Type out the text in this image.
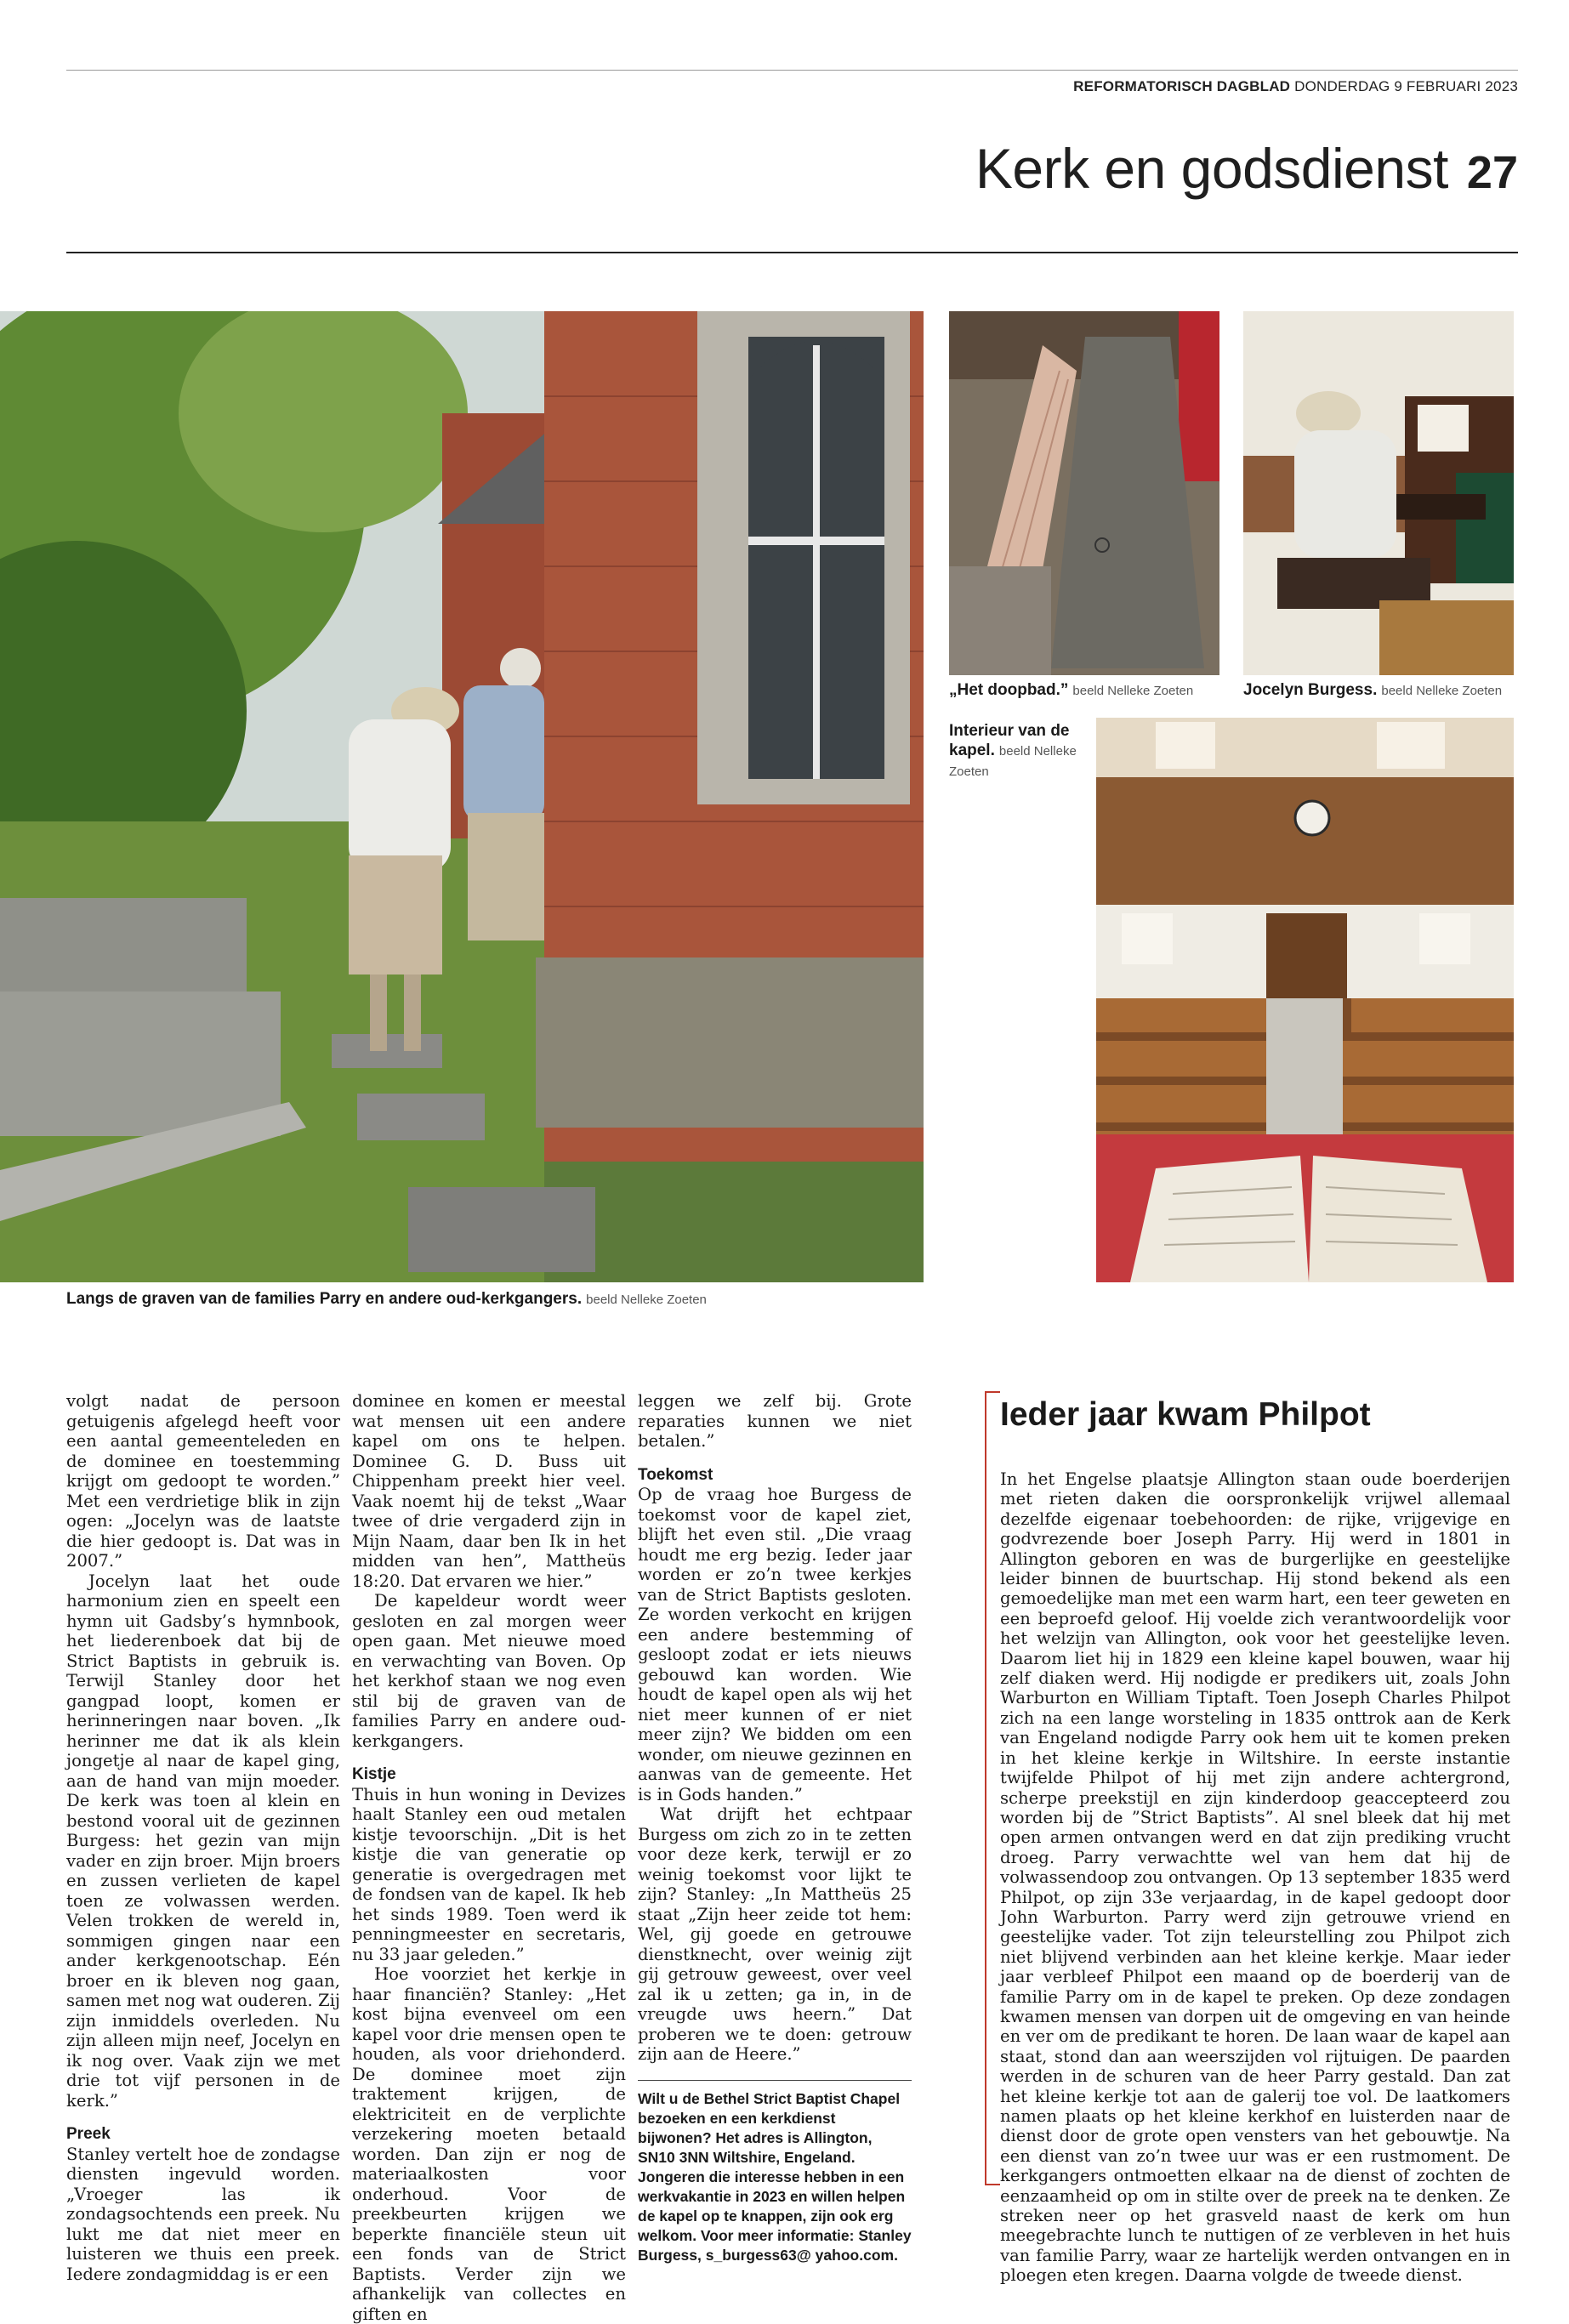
REFORMATORISCH DAGBLAD DONDERDAG 9 FEBRUARI 2023
Kerk en godsdienst 27
Langs de graven van de families Parry en andere oud-kerkgangers. beeld Nelleke Zoeten
„Het doopbad.” beeld Nelleke Zoeten	Jocelyn Burgess. beeld Nelleke Zoeten
Interieur van de kapel. beeld Nelleke Zoeten

volgt nadat de persoon getuigenis afgelegd heeft voor een aantal gemeenteleden en de dominee en toestemming krijgt om gedoopt te worden.” Met een verdrietige blik in zijn ogen: „Jocelyn was de laatste die hier gedoopt is. Dat was in 2007.”

Jocelyn laat het oude harmonium zien en speelt een hymn uit Gadsby’s hymnbook, het liederenboek dat bij de Strict Baptists in gebruik is. Terwijl Stanley door het gangpad loopt, komen er herinneringen naar boven. „Ik herinner me dat ik als klein jongetje al naar de kapel ging, aan de hand van mijn moeder. De kerk was toen al klein en bestond vooral uit de gezinnen Burgess: het gezin van mijn vader en zijn broer. Mijn broers en zussen verlieten de kapel toen ze volwassen werden. Velen trokken de wereld in, sommigen gingen naar een ander kerkgenootschap. Eén broer en ik bleven nog gaan, samen met nog wat ouderen. Zij zijn inmiddels overleden. Nu zijn alleen mijn neef, Jocelyn en ik nog over. Vaak zijn we met drie tot vijf personen in de kerk.”

Preek

Stanley vertelt hoe de zondagse diensten ingevuld worden. „Vroeger las ik zondagsochtends een preek. Nu lukt me dat niet meer en luisteren we thuis een preek. Iedere zondagmiddag is er een

dominee en komen er meestal wat mensen uit een andere kapel om ons te helpen. Dominee G. D. Buss uit Chippenham preekt hier veel. Vaak noemt hij de tekst „Waar twee of drie vergaderd zijn in Mijn Naam, daar ben Ik in het midden van hen”, Mattheüs 18:20. Dat ervaren we hier.”

De kapeldeur wordt weer gesloten en zal morgen weer open gaan. Met nieuwe moed en verwachting van Boven. Op het kerkhof staan we nog even stil bij de graven van de families Parry en andere oud-kerkgangers.

Kistje

Thuis in hun woning in Devizes haalt Stanley een oud metalen kistje tevoorschijn. „Dit is het kistje die van generatie op generatie is overgedragen met de fondsen van de kapel. Ik heb het sinds 1989. Toen werd ik penningmeester en secretaris, nu 33 jaar geleden.”

Hoe voorziet het kerkje in haar financiën? Stanley: „Het kost bijna evenveel om een kapel voor drie mensen open te houden, als voor driehonderd. De dominee moet zijn traktement krijgen, de elektriciteit en de verplichte verzekering moeten betaald worden. Dan zijn er nog de materiaalkosten voor onderhoud. Voor de preekbeurten krijgen we beperkte financiële steun uit een fonds van de Strict Baptists. Verder zijn we afhankelijk van collectes en giften en

leggen we zelf bij. Grote reparaties kunnen we niet betalen.”

Toekomst

Op de vraag hoe Burgess de toekomst voor de kapel ziet, blijft het even stil. „Die vraag houdt me erg bezig. Ieder jaar worden er zo’n twee kerkjes van de Strict Baptists gesloten. Ze worden verkocht en krijgen een andere bestemming of gesloopt zodat er iets nieuws gebouwd kan worden. Wie houdt de kapel open als wij het niet meer kunnen of er niet meer zijn? We bidden om een wonder, om nieuwe gezinnen en aanwas van de gemeente. Het is in Gods handen.”

Wat drijft het echtpaar Burgess om zich zo in te zetten voor deze kerk, terwijl er zo weinig toekomst voor lijkt te zijn? Stanley: „In Mattheüs 25 staat „Zijn heer zeide tot hem: Wel, gij goede en getrouwe dienstknecht, over weinig zijt gij getrouw geweest, over veel zal ik u zetten; ga in, in de vreugde uws heern.” Dat proberen we te doen: getrouw zijn aan de Heere.”

Wilt u de Bethel Strict Baptist Chapel bezoeken en een kerkdienst bijwonen? Het adres is Allington, SN10 3NN Wiltshire, Engeland. Jongeren die interesse hebben in een werkvakantie in 2023 en willen helpen de kapel op te knappen, zijn ook erg welkom. Voor meer informatie: Stanley Burgess, s_burgess63@ yahoo.com.
Ieder jaar kwam Philpot
In het Engelse plaatsje Allington staan oude boerderijen met rieten daken die oorspronkelijk vrijwel allemaal dezelfde eigenaar toebehoorden: de rijke, vrijgevige en godvrezende boer Joseph Parry. Hij werd in 1801 in Allington geboren en was de burgerlijke en geestelijke leider binnen de buurtschap. Hij stond bekend als een gemoedelijke man met een warm hart, een teer geweten en een beproefd geloof. Hij voelde zich verantwoordelijk voor het welzijn van Allington, ook voor het geestelijke leven. Daarom liet hij in 1829 een kleine kapel bouwen, waar hij zelf diaken werd. Hij nodigde er predikers uit, zoals John Warburton en William Tiptaft. Toen Joseph Charles Philpot zich na een lange worsteling in 1835 onttrok aan de Kerk van Engeland nodigde Parry ook hem uit te komen preken in het kleine kerkje in Wiltshire. In eerste instantie twijfelde Philpot of hij met zijn andere achtergrond, scherpe preekstijl en zijn kinderdoop geaccepteerd zou worden bij de ”Strict Baptists”. Al snel bleek dat hij met open armen ontvangen werd en dat zijn prediking vrucht droeg. Parry verwachtte wel van hem dat hij de volwassendoop zou ontvangen. Op 13 september 1835 werd Philpot, op zijn 33e verjaardag, in de kapel gedoopt door John Warburton. Parry werd zijn getrouwe vriend en geestelijke vader. Tot zijn teleurstelling zou Philpot zich niet blijvend verbinden aan het kleine kerkje. Maar ieder jaar verbleef Philpot een maand op de boerderij van de familie Parry om in de kapel te preken. Op deze zondagen kwamen mensen van dorpen uit de omgeving en van heinde en ver om de predikant te horen. De laan waar de kapel aan staat, stond dan aan weerszijden vol rijtuigen. De paarden werden in de schuren van de heer Parry gestald. Dan zat het kleine kerkje tot aan de galerij toe vol. De laatkomers namen plaats op het kleine kerkhof en luisterden naar de dienst door de grote open vensters van het gebouwtje. Na een dienst van zo’n twee uur was er een rustmoment. De kerkgangers ontmoetten elkaar na de dienst of zochten de eenzaamheid op om in stilte over de preek na te denken. Ze streken neer op het grasveld naast de kerk om hun meegebrachte lunch te nuttigen of ze verbleven in het huis van familie Parry, waar ze hartelijk werden ontvangen en in ploegen eten kregen. Daarna volgde de tweede dienst.
